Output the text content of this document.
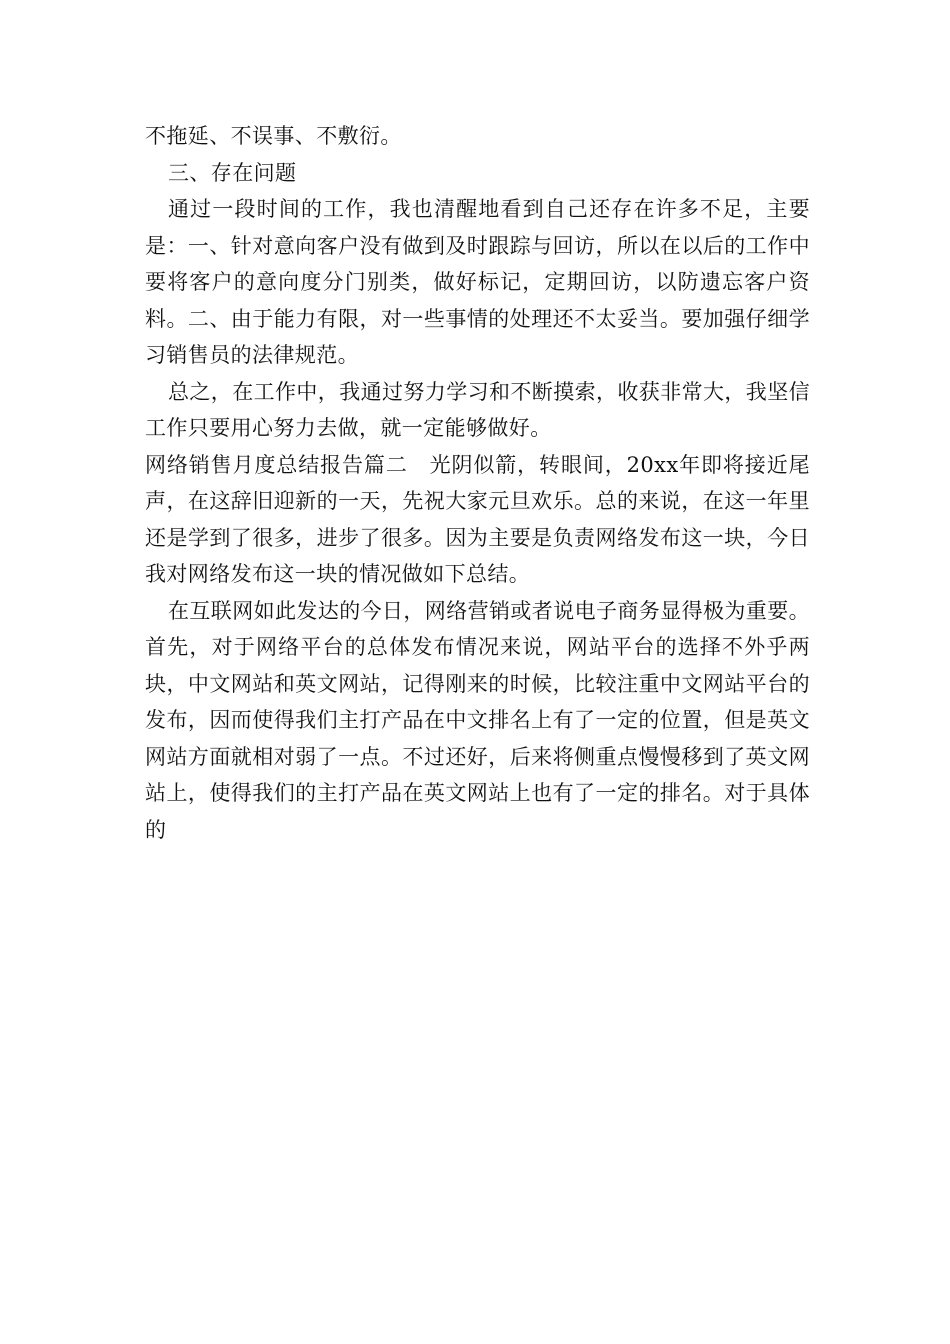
不拖延、不误事、不敷衍。

三、存在问题

通过一段时间的工作，我也清醒地看到自己还存在许多不足，主要是：一、针对意向客户没有做到及时跟踪与回访，所以在以后的工作中要将客户的意向度分门别类，做好标记，定期回访，以防遗忘客户资料。二、由于能力有限，对一些事情的处理还不太妥当。要加强仔细学习销售员的法律规范。

总之，在工作中，我通过努力学习和不断摸索，收获非常大，我坚信工作只要用心努力去做，就一定能够做好。

网络销售月度总结报告篇二　光阴似箭，转眼间，20xx年即将接近尾声，在这辞旧迎新的一天，先祝大家元旦欢乐。总的来说，在这一年里还是学到了很多，进步了很多。因为主要是负责网络发布这一块，今日我对网络发布这一块的情况做如下总结。

在互联网如此发达的今日，网络营销或者说电子商务显得极为重要。首先，对于网络平台的总体发布情况来说，网站平台的选择不外乎两块，中文网站和英文网站，记得刚来的时候，比较注重中文网站平台的发布，因而使得我们主打产品在中文排名上有了一定的位置，但是英文网站方面就相对弱了一点。不过还好，后来将侧重点慢慢移到了英文网站上，使得我们的主打产品在英文网站上也有了一定的排名。对于具体的
